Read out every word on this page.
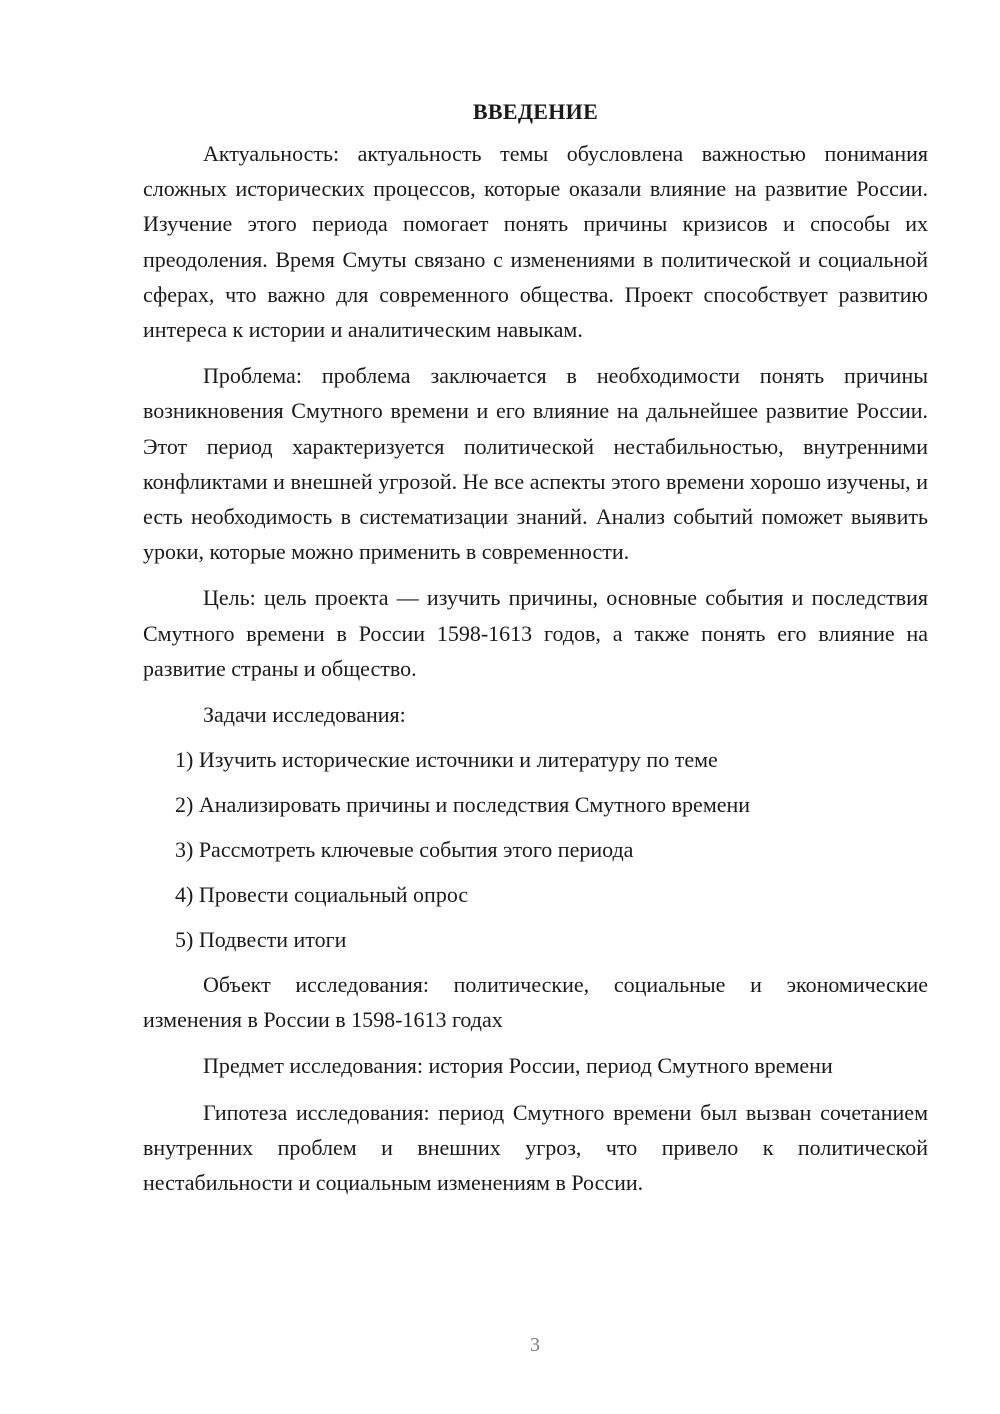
ВВЕДЕНИЕ

Актуальность: актуальность темы обусловлена важностью понимания сложных исторических процессов, которые оказали влияние на развитие России. Изучение этого периода помогает понять причины кризисов и способы их преодоления. Время Смуты связано с изменениями в политической и социальной сферах, что важно для современного общества. Проект способствует развитию интереса к истории и аналитическим навыкам.

Проблема: проблема заключается в необходимости понять причины возникновения Смутного времени и его влияние на дальнейшее развитие России. Этот период характеризуется политической нестабильностью, внутренними конфликтами и внешней угрозой. Не все аспекты этого времени хорошо изучены, и есть необходимость в систематизации знаний. Анализ событий поможет выявить уроки, которые можно применить в современности.

Цель: цель проекта — изучить причины, основные события и последствия Смутного времени в России 1598-1613 годов, а также понять его влияние на развитие страны и общество.

Задачи исследования:

1) Изучить исторические источники и литературу по теме
2) Анализировать причины и последствия Смутного времени
3) Рассмотреть ключевые события этого периода
4) Провести социальный опрос
5) Подвести итоги

Объект исследования: политические, социальные и экономические изменения в России в 1598-1613 годах

Предмет исследования: история России, период Смутного времени

Гипотеза исследования: период Смутного времени был вызван сочетанием внутренних проблем и внешних угроз, что привело к политической нестабильности и социальным изменениям в России.

3
